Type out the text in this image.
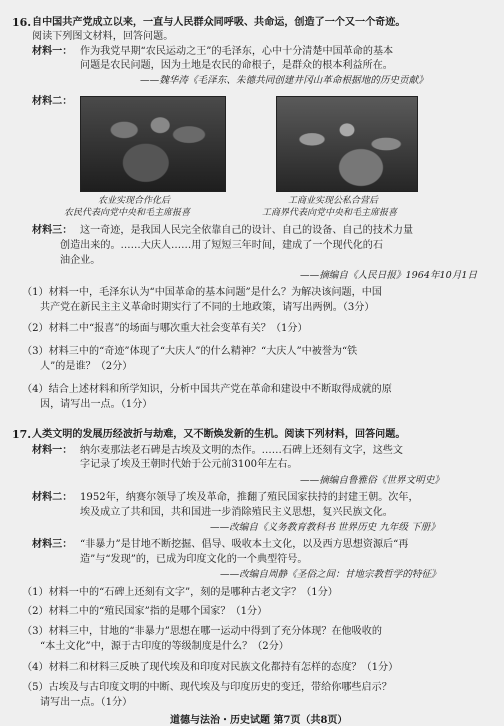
16. 自中国共产党成立以来，一直与人民群众同呼吸、共命运，创造了一个又一个奇迹。
阅读下列图文材料，回答问题。
材料一： 作为我党早期“农民运动之王”的毛泽东，心中十分清楚中国革命的基本
问题是农民问题，因为土地是农民的命根子，是群众的根本利益所在。
——魏华涛《毛泽东、朱德共同创建井冈山革命根据地的历史贡献》
材料二：
农业实现合作化后
农民代表向党中央和毛主席报喜
工商业实现公私合营后
工商界代表向党中央和毛主席报喜
材料三： 这一奇迹，是我国人民完全依靠自己的设计、自己的设备、自己的技术力量
创造出来的。……大庆人……用了短短三年时间，建成了一个现代化的石
油企业。
——摘编自《人民日报》1964年10月1日
（1）材料一中，毛泽东认为“中国革命的基本问题”是什么？为解决该问题，中国
共产党在新民主主义革命时期实行了不同的土地政策，请写出两例。（3分）
（2）材料二中“报喜”的场面与哪次重大社会变革有关？（1分）
（3）材料三中的“奇迹”体现了“大庆人”的什么精神？“大庆人”中被誉为“铁
人”的是谁？（2分）
（4）结合上述材料和所学知识，分析中国共产党在革命和建设中不断取得成就的原
因，请写出一点。（1分）
17. 人类文明的发展历经波折与劫难，又不断焕发新的生机。阅读下列材料，回答问题。
材料一： 纳尔麦那法老石碑是古埃及文明的杰作。……石碑上还刻有文字，这些文
字记录了埃及王朝时代始于公元前3100年左右。
——摘编自鲁雅俗《世界文明史》
材料二： 1952年，纳赛尔领导了埃及革命，推翻了殖民国家扶持的封建王朝。次年，
埃及成立了共和国，共和国进一步消除殖民主义思想，复兴民族文化。
——改编自《义务教育教科书 世界历史 九年级 下册》
材料三： “非暴力”是甘地不断挖掘、倡导、吸收本土文化，以及西方思想资源后“再
造”与“发现”的，已成为印度文化的一个典型符号。
——改编自周静《圣俗之间：甘地宗教哲学的特征》
（1）材料一中的“石碑上还刻有文字”，刻的是哪种古老文字？（1分）
（2）材料二中的“殖民国家”指的是哪个国家？（1分）
（3）材料三中，甘地的“非暴力”思想在哪一运动中得到了充分体现？在他吸收的
“本土文化”中，源于古印度的等级制度是什么？（2分）
（4）材料二和材料三反映了现代埃及和印度对民族文化都持有怎样的态度？（1分）
（5）古埃及与古印度文明的中断、现代埃及与印度历史的变迁，带给你哪些启示？
请写出一点。（1分）
道德与法治・历史试题 第7页（共8页）
